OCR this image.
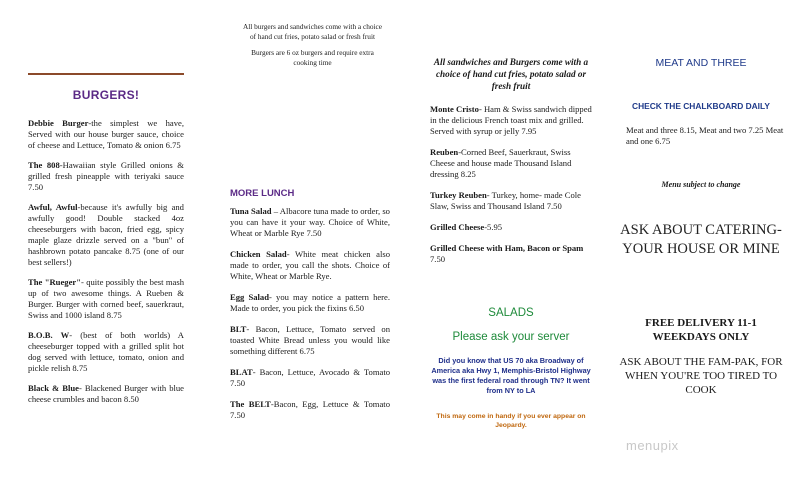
BURGERS!

Debbie Burger-the simplest we have, Served with our house burger sauce, choice of cheese and Lettuce, Tomato & onion 6.75

The 808-Hawaiian style Grilled onions & grilled fresh pineapple with teriyaki sauce 7.50

Awful, Awful-because it's awfully big and awfully good! Double stacked 4oz cheeseburgers with bacon, fried egg, spicy maple glaze drizzle served on a "bun" of hashbrown potato pancake 8.75 (one of our best sellers!)

The "Rueger"- quite possibly the best mash up of two awesome things. A Rueben & Burger. Burger with corned beef, sauerkraut, Swiss and 1000 island 8.75

B.O.B. W- (best of both worlds) A cheeseburger topped with a grilled split hot dog served with lettuce, tomato, onion and pickle relish 8.75

Black & Blue- Blackened Burger with blue cheese crumbles and bacon 8.50

All burgers and sandwiches come with a choice of hand cut fries, potato salad or fresh fruit

Burgers are 6 oz burgers and require extra cooking time

MORE LUNCH

Tuna Salad – Albacore tuna made to order, so you can have it your way. Choice of White, Wheat or Marble Rye 7.50

Chicken Salad- White meat chicken also made to order, you call the shots. Choice of White, Wheat or Marble Rye.

Egg Salad- you may notice a pattern here. Made to order, you pick the fixins 6.50

BLT- Bacon, Lettuce, Tomato served on toasted White Bread unless you would like something different 6.75

BLAT- Bacon, Lettuce, Avocado & Tomato 7.50

The BELT-Bacon, Egg, Lettuce & Tomato 7.50

All sandwiches and Burgers come with a choice of hand cut fries, potato salad or fresh fruit

Monte Cristo- Ham & Swiss sandwich dipped in the delicious French toast mix and grilled. Served with syrup or jelly 7.95

Reuben-Corned Beef, Sauerkraut, Swiss Cheese and house made Thousand Island dressing 8.25

Turkey Reuben- Turkey, home- made Cole Slaw, Swiss and Thousand Island 7.50

Grilled Cheese-5.95

Grilled Cheese with Ham, Bacon or Spam 7.50

SALADS
Please ask your server
Did you know that US 70 aka Broadway of America aka Hwy 1, Memphis-Bristol Highway was the first federal road through TN? It went from NY to LA
This may come in handy if you ever appear on Jeopardy.
MEAT AND THREE
CHECK THE CHALKBOARD DAILY
Meat and three 8.15, Meat and two 7.25 Meat and one 6.75
Menu subject to change
ASK ABOUT CATERING-YOUR HOUSE OR MINE
FREE DELIVERY 11-1 WEEKDAYS ONLY
ASK ABOUT THE FAM-PAK, FOR WHEN YOU'RE TOO TIRED TO COOK
menupix
